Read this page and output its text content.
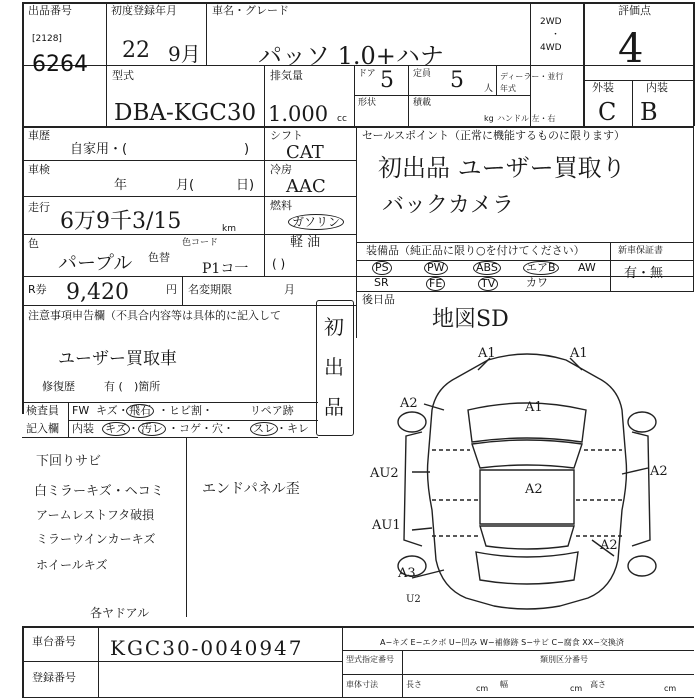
出品番号
[2128]
6264
初度登録年月
22 9月
車名・グレード
パッソ 1.0+ハナ
2WD
・
4WD
評価点
4
型式
DBA-KGC30
排気量
1.000 cc
ドア 5 定員 5 人
ディーラー・並行
年式
形状	積載
kg ハンドル 左・右
外装	内装
C B
車歴
自家用・(	)
シフト
CAT
車検
年	月(	日)
冷房
AAC
走行
6万9千3/15	km
燃料
ガソリン
軽 油
( )
色
パープル 色替
色コード
P1コ一
セールスポイント（正常に機能するものに限ります）
初出品 ユーザー買取り
バックカメラ
装備品（純正品に限り○を付けてください）	新車保証書
有・無
PS	PW	ABS	エアB AW
SR	FE	TV	カワ
R券 9,420	円 名変期限	月
後日品
地図SD
注意事項申告欄（不具合内容等は具体的に記入して
ユーザー買取車
修復歴	有 ( )箇所
初出品
検査員
記入欄
FW キズ・ 飛石 ・ヒビ割・	リペア跡
内装 キズ ・ 汚レ ・コゲ・穴・ スレ ・キレ
下回りサビ
白ミラーキズ・ヘコミ
アームレストフタ破損
ミラーウインカーキズ
ホイールキズ
各ヤドアル
エンドパネル歪
A1	A1
A2	A1
A2
A2
AU2
A2
AU1
A3
U2
A−キズ E−エクボ U−凹み W−補修跡 S−サビ C−腐食 XX−交換済
車台番号 KGC30-0040947
登録番号
型式指定番号	類別区分番号
車体寸法	長さ	cm 幅	cm 高さ	cm
